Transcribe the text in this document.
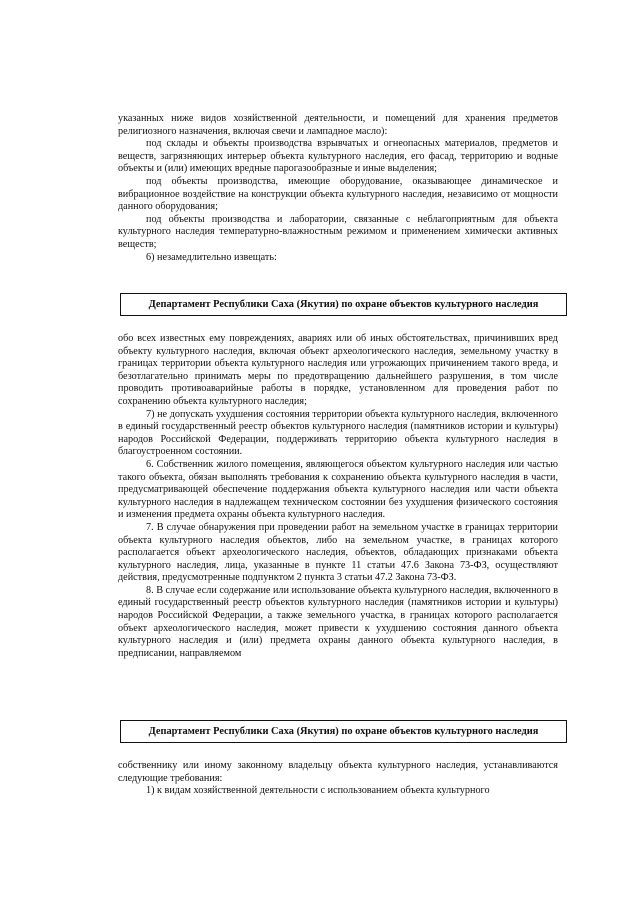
указанных ниже видов хозяйственной деятельности, и помещений для хранения предметов религиозного назначения, включая свечи и лампадное масло):

под склады и объекты производства взрывчатых и огнеопасных материалов, предметов и веществ, загрязняющих интерьер объекта культурного наследия, его фасад, территорию и водные объекты и (или) имеющих вредные парогазообразные и иные выделения;

под объекты производства, имеющие оборудование, оказывающее динамическое и вибрационное воздействие на конструкции объекта культурного наследия, независимо от мощности данного оборудования;

под объекты производства и лаборатории, связанные с неблагоприятным для объекта культурного наследия температурно-влажностным режимом и применением химически активных веществ;

6) незамедлительно извещать:

Департамент Республики Саха (Якутия) по охране объектов культурного наследия

обо всех известных ему повреждениях, авариях или об иных обстоятельствах, причинивших вред объекту культурного наследия, включая объект археологического наследия, земельному участку в границах территории объекта культурного наследия или угрожающих причинением такого вреда, и безотлагательно принимать меры по предотвращению дальнейшего разрушения, в том числе проводить противоаварийные работы в порядке, установленном для проведения работ по сохранению объекта культурного наследия;

7) не допускать ухудшения состояния территории объекта культурного наследия, включенного в единый государственный реестр объектов культурного наследия (памятников истории и культуры) народов Российской Федерации, поддерживать территорию объекта культурного наследия в благоустроенном состоянии.

6. Собственник жилого помещения, являющегося объектом культурного наследия или частью такого объекта, обязан выполнять требования к сохранению объекта культурного наследия в части, предусматривающей обеспечение поддержания объекта культурного наследия или части объекта культурного наследия в надлежащем техническом состоянии без ухудшения физического состояния и изменения предмета охраны объекта культурного наследия.

7. В случае обнаружения при проведении работ на земельном участке в границах территории объекта культурного наследия объектов, либо на земельном участке, в границах которого располагается объект археологического наследия, объектов, обладающих признаками объекта культурного наследия, лица, указанные в пункте 11 статьи 47.6 Закона 73-ФЗ, осуществляют действия, предусмотренные подпунктом 2 пункта 3 статьи 47.2 Закона 73-ФЗ.

8. В случае если содержание или использование объекта культурного наследия, включенного в единый государственный реестр объектов культурного наследия (памятников истории и культуры) народов Российской Федерации, а также земельного участка, в границах которого располагается объект археологического наследия, может привести к ухудшению состояния данного объекта культурного наследия и (или) предмета охраны данного объекта культурного наследия, в предписании, направляемом

Департамент Республики Саха (Якутия) по охране объектов культурного наследия

собственнику или иному законному владельцу объекта культурного наследия, устанавливаются следующие требования:

1) к видам хозяйственной деятельности с использованием объекта культурного
